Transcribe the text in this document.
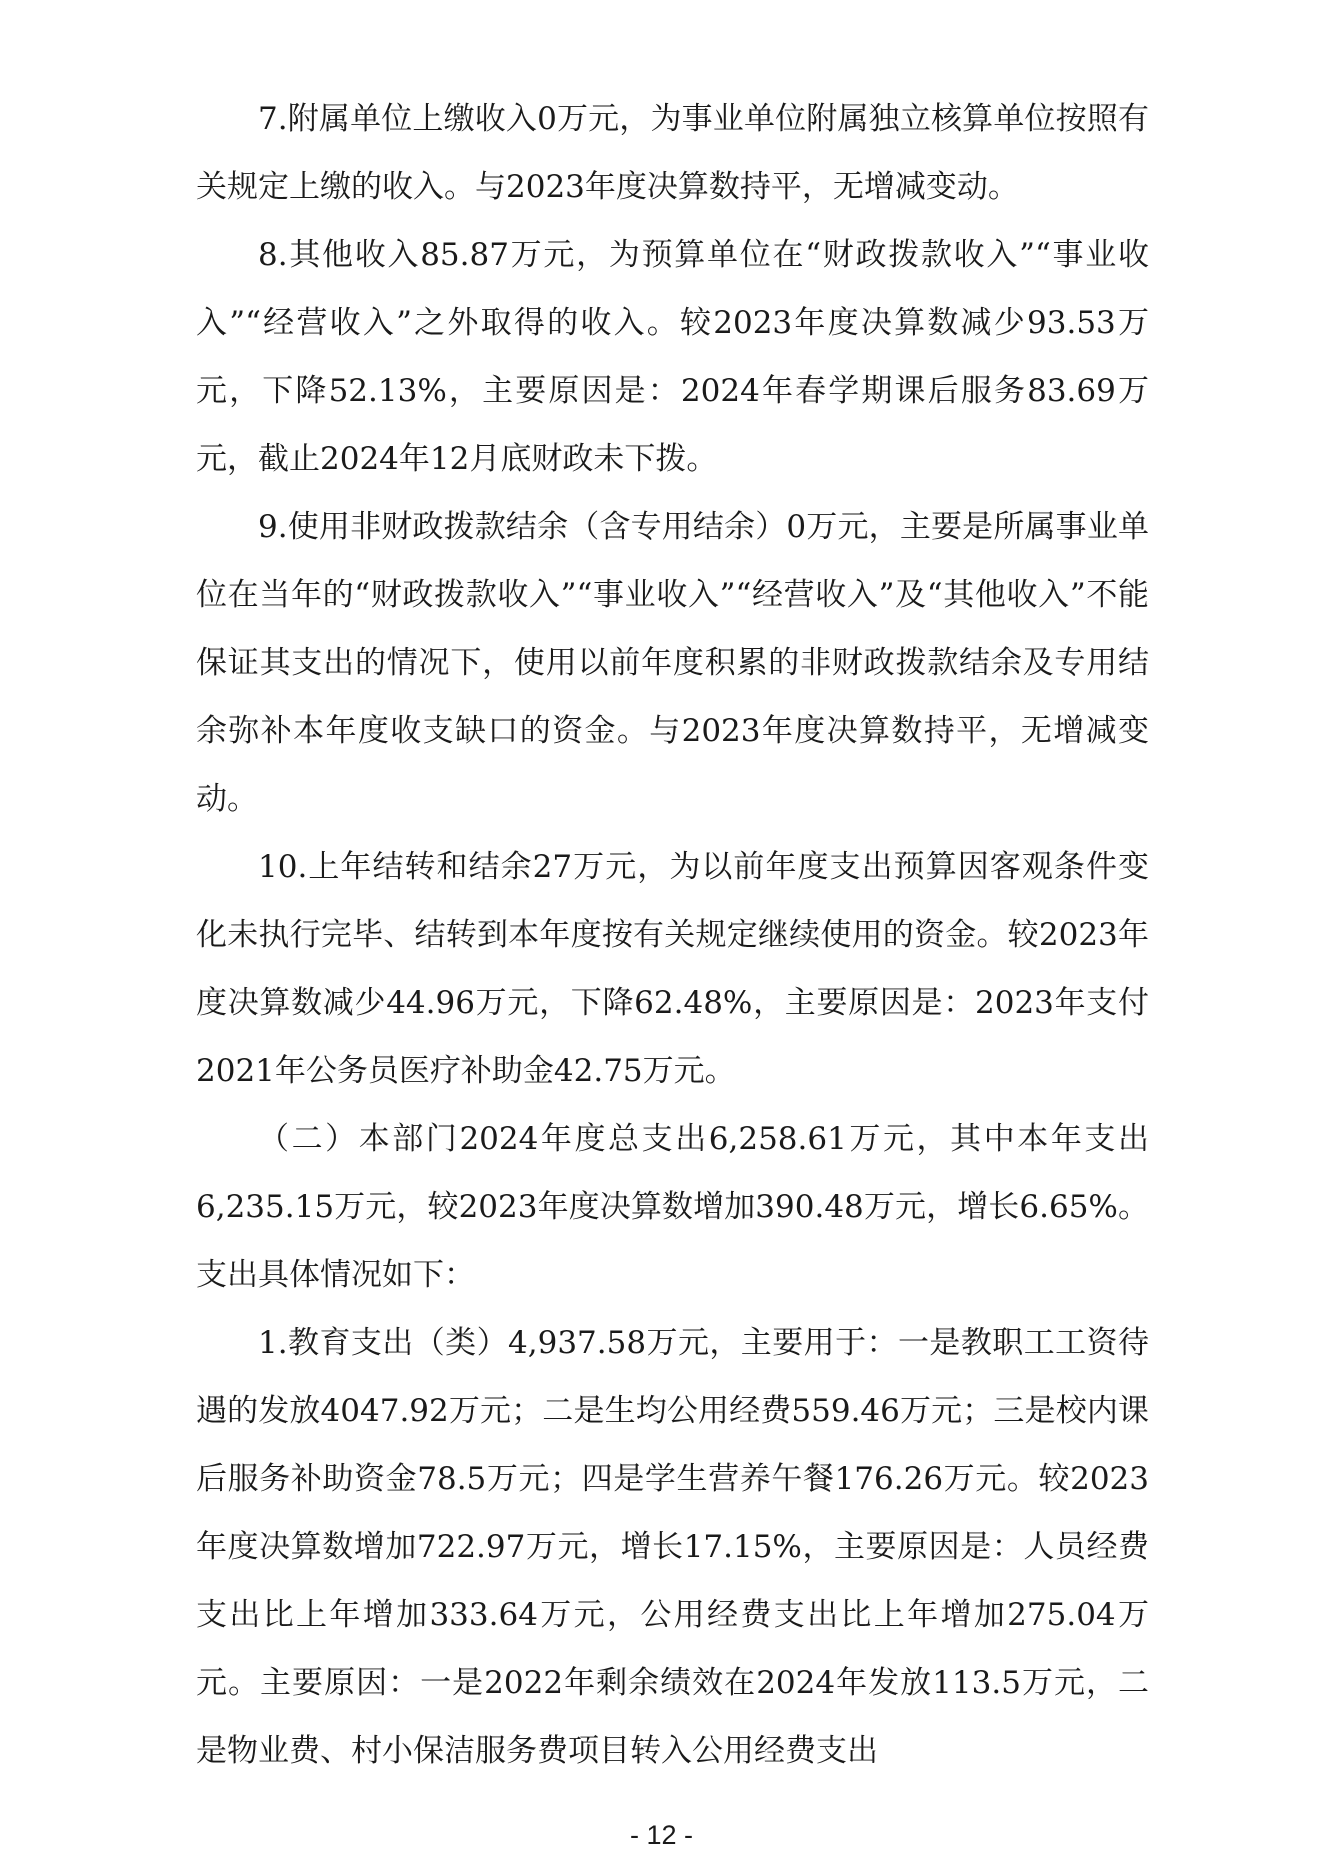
7.附属单位上缴收入0万元，为事业单位附属独立核算单位按照有关规定上缴的收入。与2023年度决算数持平，无增减变动。

8.其他收入85.87万元，为预算单位在“财政拨款收入”“事业收入”“经营收入”之外取得的收入。较2023年度决算数减少93.53万元，下降52.13%，主要原因是：2024年春学期课后服务83.69万元，截止2024年12月底财政未下拨。

9.使用非财政拨款结余（含专用结余）0万元，主要是所属事业单位在当年的“财政拨款收入”“事业收入”“经营收入”及“其他收入”不能保证其支出的情况下，使用以前年度积累的非财政拨款结余及专用结余弥补本年度收支缺口的资金。与2023年度决算数持平，无增减变动。

10.上年结转和结余27万元，为以前年度支出预算因客观条件变化未执行完毕、结转到本年度按有关规定继续使用的资金。较2023年度决算数减少44.96万元，下降62.48%，主要原因是：2023年支付2021年公务员医疗补助金42.75万元。

（二）本部门2024年度总支出6,258.61万元，其中本年支出6,235.15万元，较2023年度决算数增加390.48万元，增长6.65%。支出具体情况如下：

1.教育支出（类）4,937.58万元，主要用于：一是教职工工资待遇的发放4047.92万元；二是生均公用经费559.46万元；三是校内课后服务补助资金78.5万元；四是学生营养午餐176.26万元。较2023年度决算数增加722.97万元，增长17.15%，主要原因是：人员经费支出比上年增加333.64万元，公用经费支出比上年增加275.04万元。主要原因：一是2022年剩余绩效在2024年发放113.5万元，二是物业费、村小保洁服务费项目转入公用经费支出

- 12 -
